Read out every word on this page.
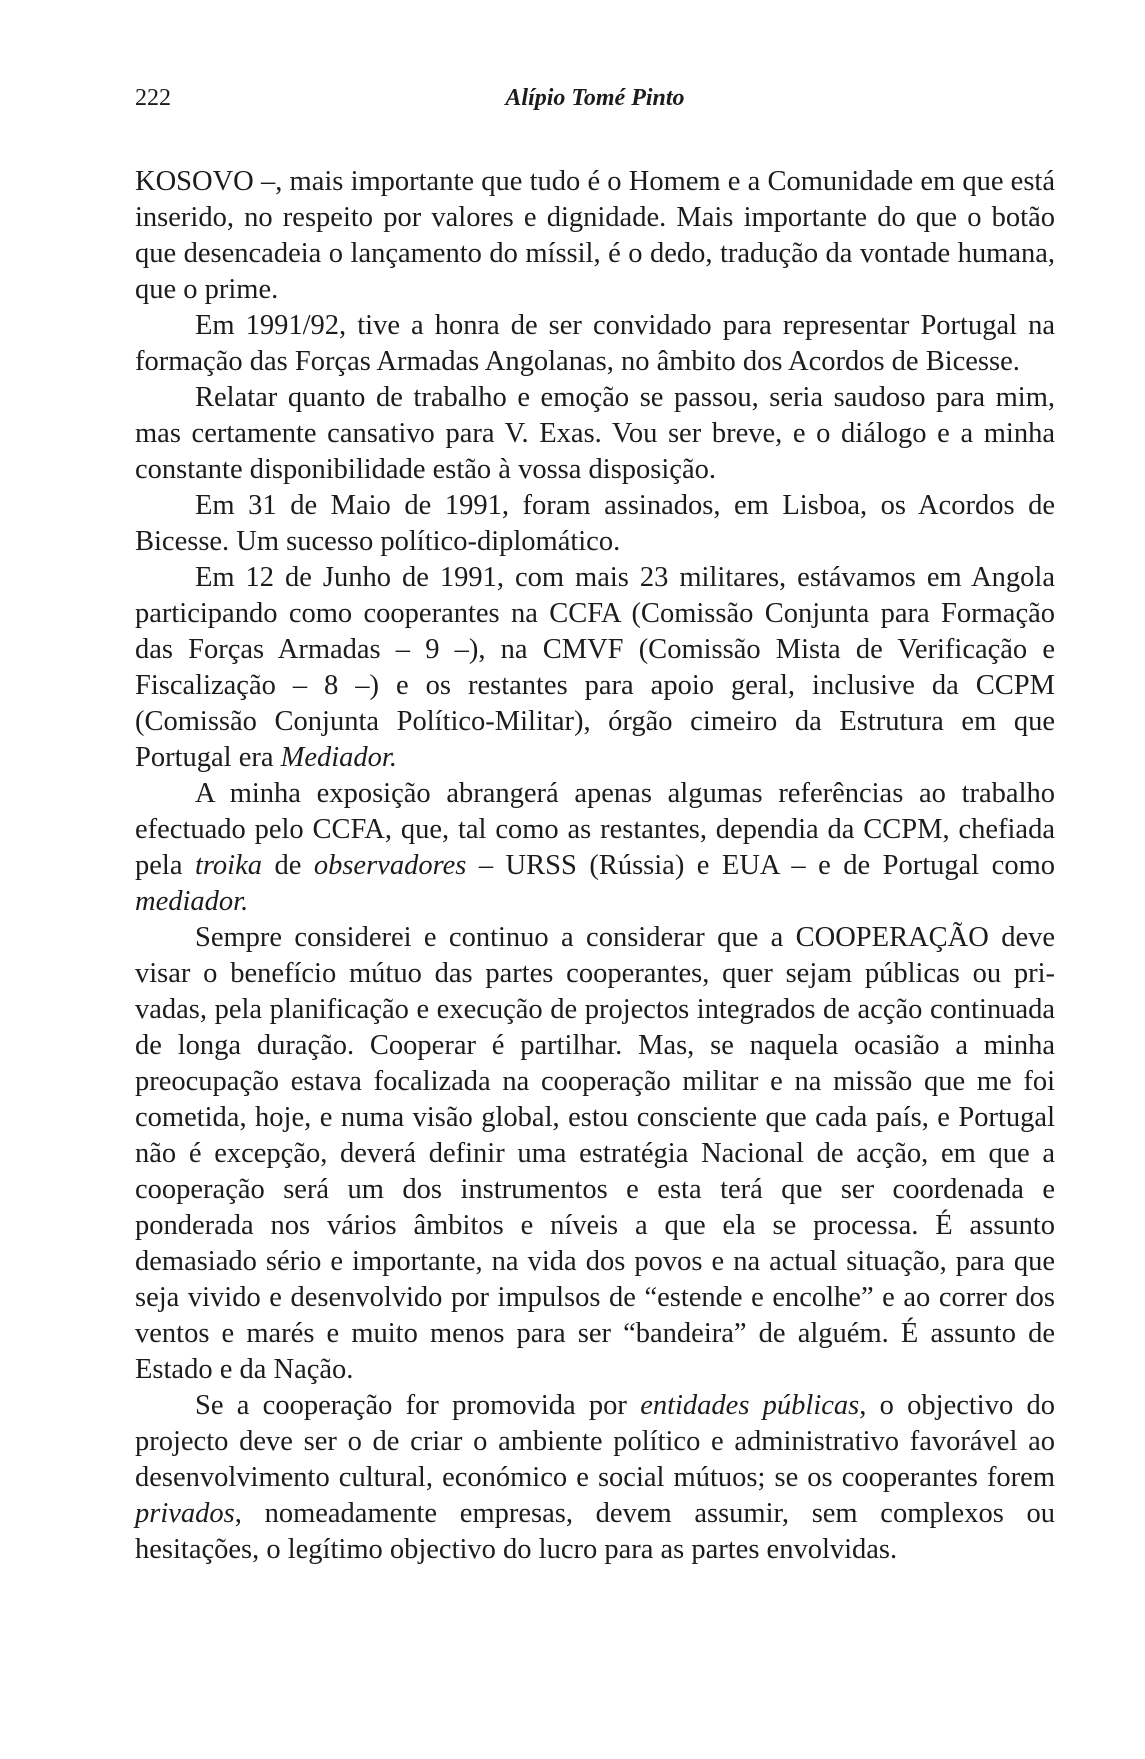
222	Alípio Tomé Pinto

KOSOVO –, mais importante que tudo é o Homem e a Comunidade em que está inserido, no respeito por valores e dignidade. Mais importante do que o botão que desencadeia o lançamento do míssil, é o dedo, tradução da vontade humana, que o prime.

Em 1991/92, tive a honra de ser convidado para representar Portugal na formação das Forças Armadas Angolanas, no âmbito dos Acordos de Bicesse.

Relatar quanto de trabalho e emoção se passou, seria saudoso para mim, mas certamente cansativo para V. Exas. Vou ser breve, e o diálogo e a minha constante disponibilidade estão à vossa disposição.

Em 31 de Maio de 1991, foram assinados, em Lisboa, os Acordos de Bicesse. Um sucesso político-diplomático.

Em 12 de Junho de 1991, com mais 23 militares, estávamos em Angola participando como cooperantes na CCFA (Comissão Conjunta para Formação das Forças Armadas – 9 –), na CMVF (Comissão Mista de Verificação e Fiscalização – 8 –) e os restantes para apoio geral, inclusive da CCPM (Comissão Conjunta Político-Militar), órgão cimeiro da Estrutura em que Portugal era Mediador.

A minha exposição abrangerá apenas algumas referências ao trabalho efectuado pelo CCFA, que, tal como as restantes, dependia da CCPM, chefiada pela troika de observadores – URSS (Rússia) e EUA – e de Portugal como mediador.

Sempre considerei e continuo a considerar que a COOPERAÇÃO deve visar o benefício mútuo das partes cooperantes, quer sejam públicas ou privadas, pela planificação e execução de projectos integrados de acção continuada de longa duração. Cooperar é partilhar. Mas, se naquela ocasião a minha preocupação estava focalizada na cooperação militar e na missão que me foi cometida, hoje, e numa visão global, estou consciente que cada país, e Portugal não é excepção, deverá definir uma estratégia Nacional de acção, em que a cooperação será um dos instrumentos e esta terá que ser coordenada e ponderada nos vários âmbitos e níveis a que ela se processa. É assunto demasiado sério e importante, na vida dos povos e na actual situação, para que seja vivido e desenvolvido por impulsos de “estende e encolhe” e ao correr dos ventos e marés e muito menos para ser “bandeira” de alguém. É assunto de Estado e da Nação.

Se a cooperação for promovida por entidades públicas, o objectivo do projecto deve ser o de criar o ambiente político e administrativo favorável ao desenvolvimento cultural, económico e social mútuos; se os cooperantes forem privados, nomeadamente empresas, devem assumir, sem complexos ou hesitações, o legítimo objectivo do lucro para as partes envolvidas.
